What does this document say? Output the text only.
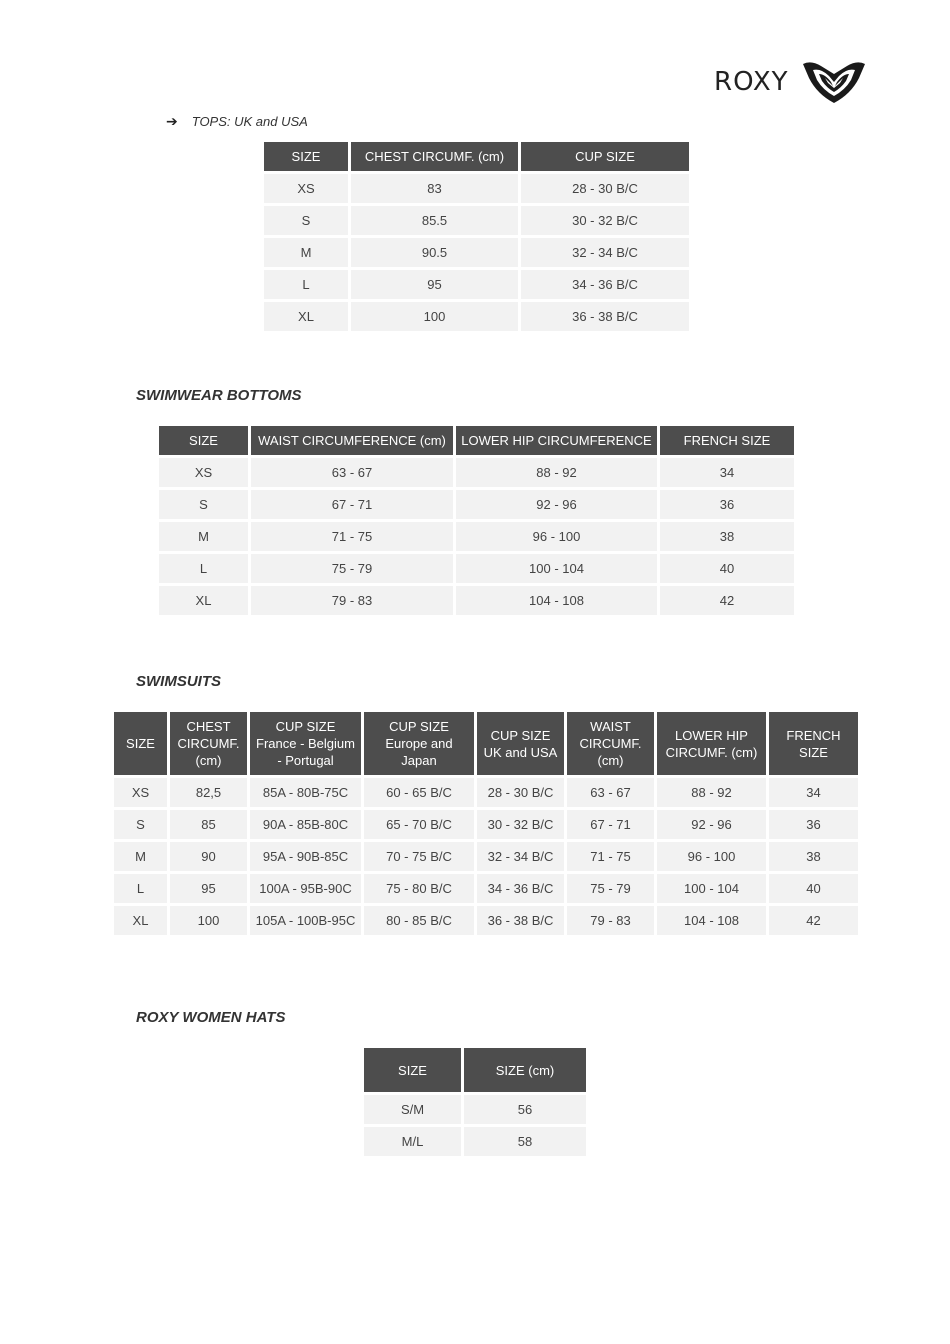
ROXY
➔ TOPS: UK and USA
SIZE	CHEST CIRCUMF. (cm)	CUP SIZE
XS	83	28 - 30 B/C
S	85.5	30 - 32 B/C
M	90.5	32 - 34 B/C
L	95	34 - 36 B/C
XL	100	36 - 38 B/C
SWIMWEAR BOTTOMS
SIZE	WAIST CIRCUMFERENCE (cm)	LOWER HIP CIRCUMFERENCE	FRENCH SIZE
XS	63 - 67	88 - 92	34
S	67 - 71	92 - 96	36
M	71 - 75	96 - 100	38
L	75 - 79	100 - 104	40
XL	79 - 83	104 - 108	42
SWIMSUITS
SIZE	CHEST CIRCUMF. (cm)	CUP SIZE France - Belgium - Portugal	CUP SIZE Europe and Japan	CUP SIZE UK and USA	WAIST CIRCUMF. (cm)	LOWER HIP CIRCUMF. (cm)	FRENCH SIZE
XS	82,5	85A - 80B-75C	60 - 65 B/C	28 - 30 B/C	63 - 67	88 - 92	34
S	85	90A - 85B-80C	65 - 70 B/C	30 - 32 B/C	67 - 71	92 - 96	36
M	90	95A - 90B-85C	70 - 75 B/C	32 - 34 B/C	71 - 75	96 - 100	38
L	95	100A - 95B-90C	75 - 80 B/C	34 - 36 B/C	75 - 79	100 - 104	40
XL	100	105A - 100B-95C	80 - 85 B/C	36 - 38 B/C	79 - 83	104 - 108	42
ROXY WOMEN HATS
SIZE	SIZE (cm)
S/M	56
M/L	58
